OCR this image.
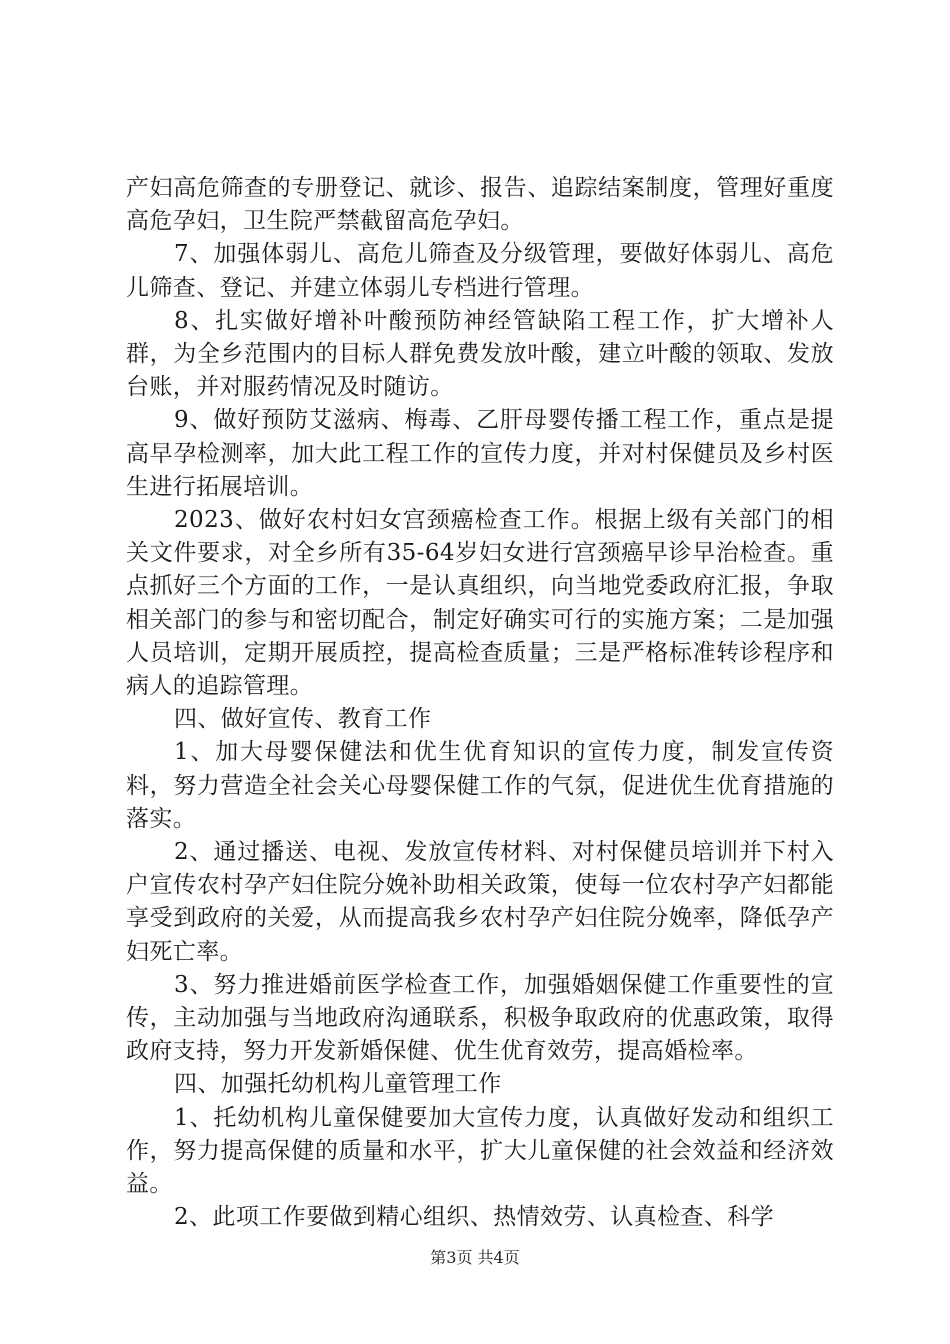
产妇高危筛查的专册登记、就诊、报告、追踪结案制度，管理好重度高危孕妇，卫生院严禁截留高危孕妇。

7、加强体弱儿、高危儿筛查及分级管理，要做好体弱儿、高危儿筛查、登记、并建立体弱儿专档进行管理。

8、扎实做好增补叶酸预防神经管缺陷工程工作，扩大增补人群，为全乡范围内的目标人群免费发放叶酸，建立叶酸的领取、发放台账，并对服药情况及时随访。

9、做好预防艾滋病、梅毒、乙肝母婴传播工程工作，重点是提高早孕检测率，加大此工程工作的宣传力度，并对村保健员及乡村医生进行拓展培训。

2023、做好农村妇女宫颈癌检查工作。根据上级有关部门的相关文件要求，对全乡所有35-64岁妇女进行宫颈癌早诊早治检查。重点抓好三个方面的工作，一是认真组织，向当地党委政府汇报，争取相关部门的参与和密切配合，制定好确实可行的实施方案；二是加强人员培训，定期开展质控，提高检查质量；三是严格标准转诊程序和病人的追踪管理。

四、做好宣传、教育工作

1、加大母婴保健法和优生优育知识的宣传力度，制发宣传资料，努力营造全社会关心母婴保健工作的气氛，促进优生优育措施的落实。

2、通过播送、电视、发放宣传材料、对村保健员培训并下村入户宣传农村孕产妇住院分娩补助相关政策，使每一位农村孕产妇都能享受到政府的关爱，从而提高我乡农村孕产妇住院分娩率，降低孕产妇死亡率。

3、努力推进婚前医学检查工作，加强婚姻保健工作重要性的宣传，主动加强与当地政府沟通联系，积极争取政府的优惠政策，取得政府支持，努力开发新婚保健、优生优育效劳，提高婚检率。

四、加强托幼机构儿童管理工作

1、托幼机构儿童保健要加大宣传力度，认真做好发动和组织工作，努力提高保健的质量和水平，扩大儿童保健的社会效益和经济效益。

2、此项工作要做到精心组织、热情效劳、认真检查、科学

第3页 共4页
